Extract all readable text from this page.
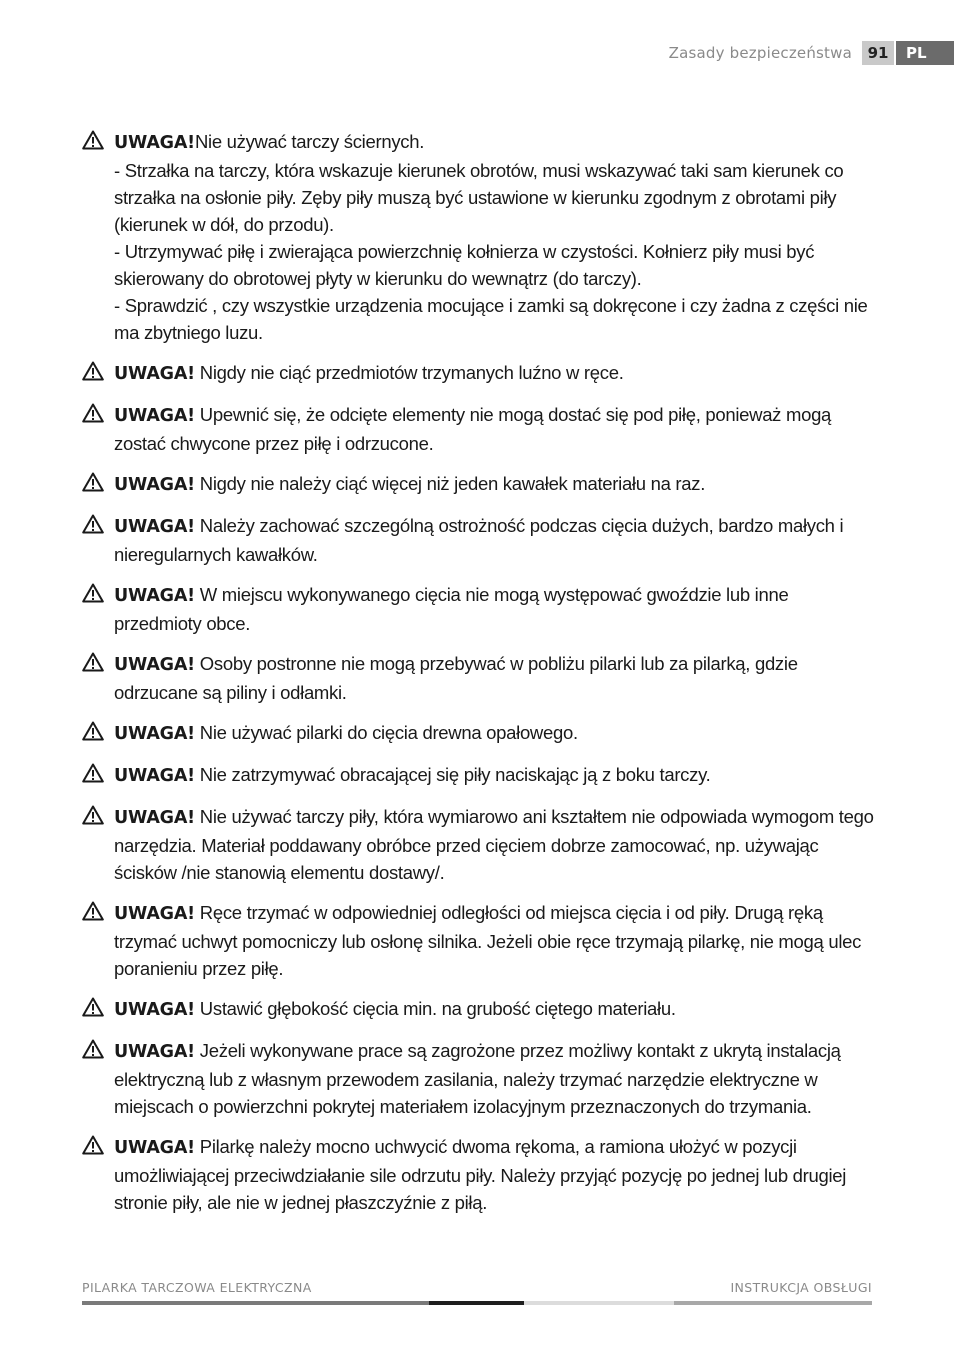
Zasady bezpieczeństwa	91	PL
UWAGA!Nie używać tarczy ściernych.
- Strzałka na tarczy, która wskazuje kierunek obrotów, musi wskazywać taki sam kierunek co strzałka na osłonie piły. Zęby piły muszą być ustawione w kierunku zgodnym z obrotami piły (kierunek w dół, do przodu).
- Utrzymywać piłę i zwierająca powierzchnię kołnierza w czystości. Kołnierz piły musi być skierowany do obrotowej płyty w kierunku do wewnątrz (do tarczy).
- Sprawdzić , czy wszystkie urządzenia mocujące i zamki są dokręcone i czy żadna z części nie ma zbytniego luzu.
UWAGA! Nigdy nie ciąć przedmiotów trzymanych luźno w ręce.
UWAGA! Upewnić się, że odcięte elementy nie mogą dostać się pod piłę, ponieważ mogą zostać chwycone przez piłę i odrzucone.
UWAGA! Nigdy nie należy ciąć więcej niż jeden kawałek materiału na raz.
UWAGA! Należy zachować szczególną ostrożność podczas cięcia dużych, bardzo małych i nieregularnych kawałków.
UWAGA! W miejscu wykonywanego cięcia nie mogą występować gwoździe lub inne przedmioty obce.
UWAGA! Osoby postronne nie mogą przebywać w pobliżu pilarki lub za pilarką, gdzie odrzucane są piliny i odłamki.
UWAGA! Nie używać pilarki do cięcia drewna opałowego.
UWAGA! Nie zatrzymywać obracającej się piły naciskając ją z boku tarczy.
UWAGA! Nie używać tarczy piły, która wymiarowo ani kształtem nie odpowiada wymogom tego narzędzia. Materiał poddawany obróbce przed cięciem dobrze zamocować, np. używając ścisków /nie stanowią elementu dostawy/.
UWAGA! Ręce trzymać w odpowiedniej odległości od miejsca cięcia i od piły. Drugą ręką trzymać uchwyt pomocniczy lub osłonę silnika. Jeżeli obie ręce trzymają pilarkę, nie mogą ulec poranieniu przez piłę.
UWAGA! Ustawić głębokość cięcia min. na grubość ciętego materiału.
UWAGA! Jeżeli wykonywane prace są zagrożone przez możliwy kontakt z ukrytą instalacją elektryczną lub z własnym przewodem zasilania, należy trzymać narzędzie elektryczne w miejscach o powierzchni pokrytej materiałem izolacyjnym przeznaczonych do trzymania.
UWAGA! Pilarkę należy mocno uchwycić dwoma rękoma, a ramiona ułożyć w pozycji umożliwiającej przeciwdziałanie sile odrzutu piły. Należy przyjąć pozycję po jednej lub drugiej stronie piły, ale nie w jednej płaszczyźnie z piłą.
PILARKA TARCZOWA ELEKTRYCZNA	INSTRUKCJA OBSŁUGI
